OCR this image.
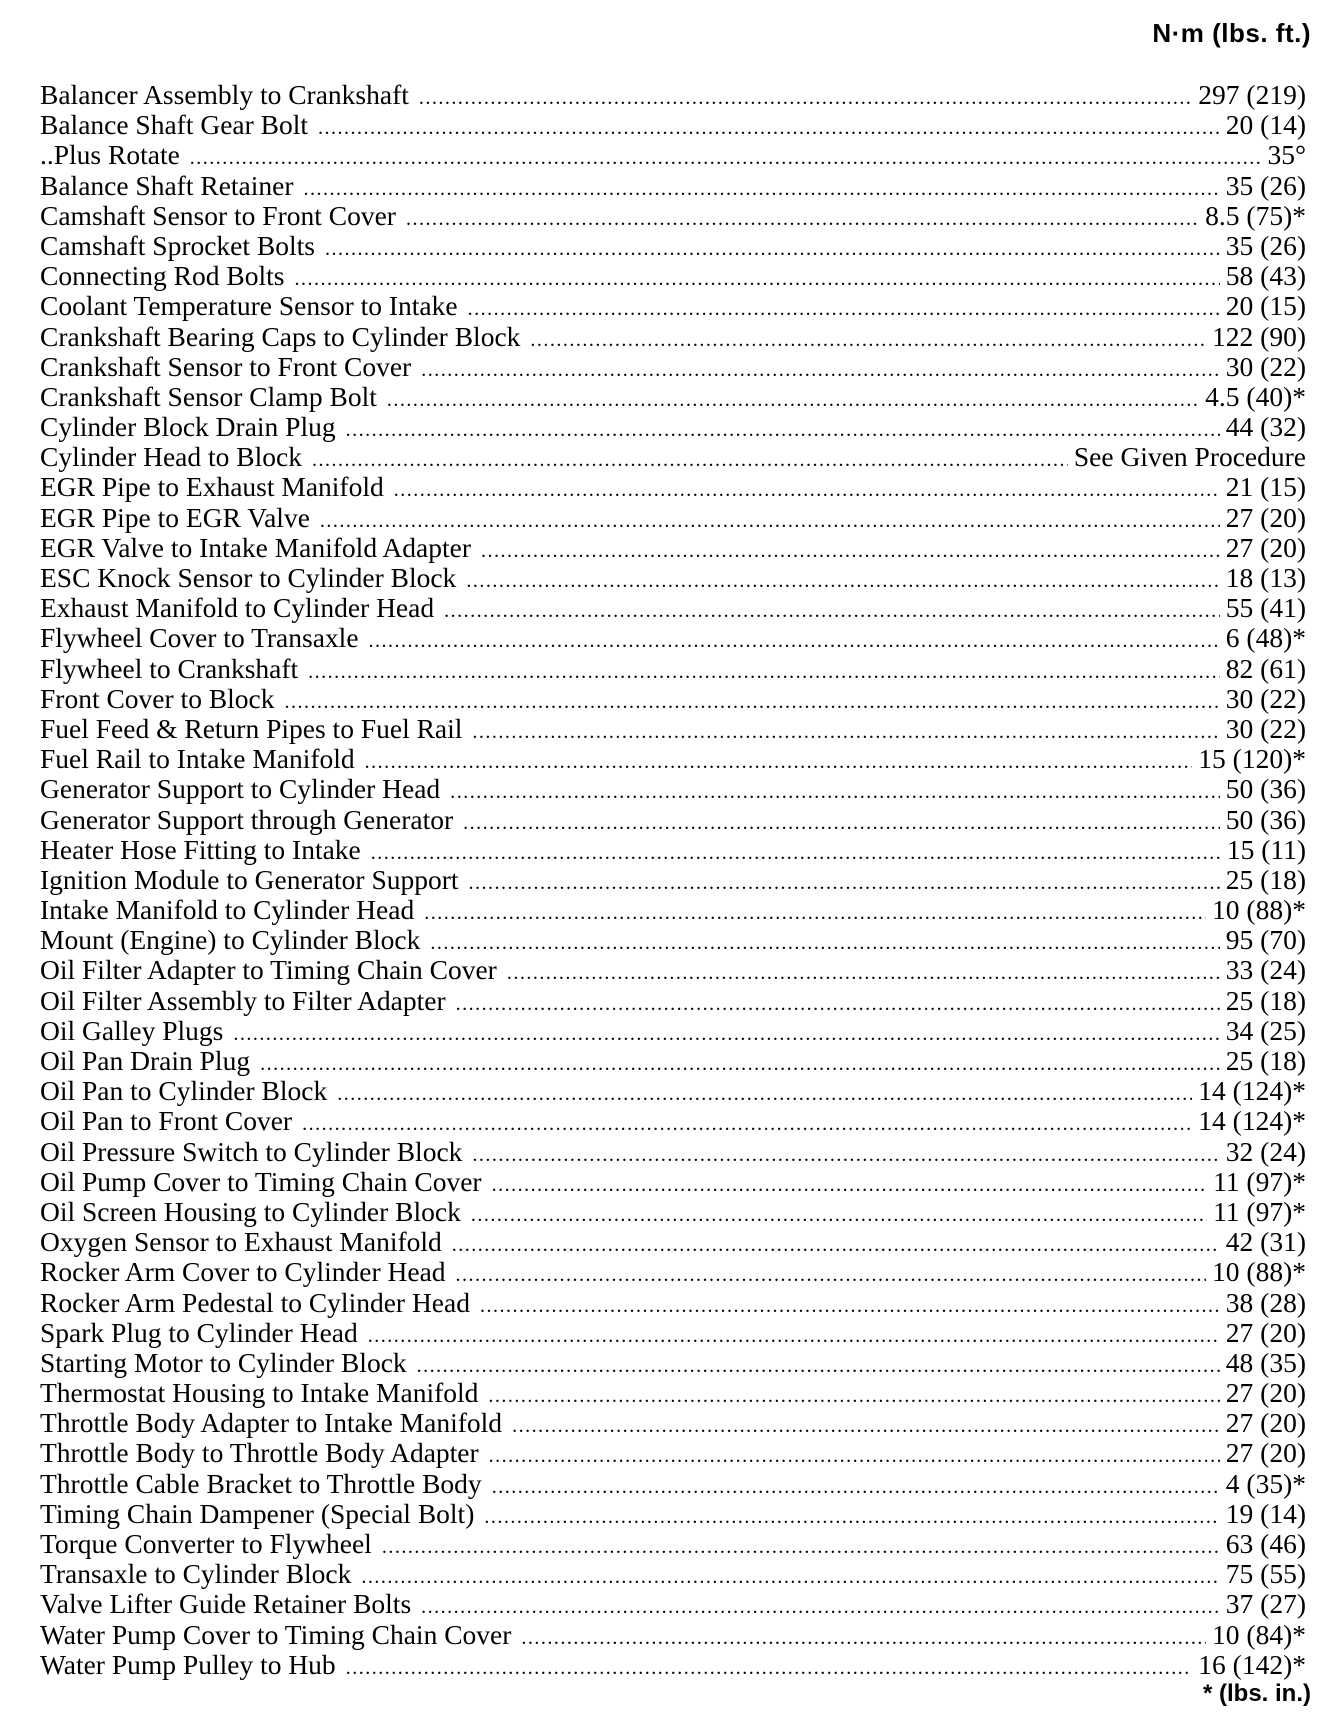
N·m (lbs. ft.)
Balancer Assembly to Crankshaft .....	297 (219)
Balance Shaft Gear Bolt .....	20 (14)
..Plus Rotate .....	35°
Balance Shaft Retainer .....	35 (26)
Camshaft Sensor to Front Cover .....	8.5 (75)*
Camshaft Sprocket Bolts .....	35 (26)
Connecting Rod Bolts .....	58 (43)
Coolant Temperature Sensor to Intake .....	20 (15)
Crankshaft Bearing Caps to Cylinder Block .....	122 (90)
Crankshaft Sensor to Front Cover .....	30 (22)
Crankshaft Sensor Clamp Bolt .....	4.5 (40)*
Cylinder Block Drain Plug .....	44 (32)
Cylinder Head to Block .....	See Given Procedure
EGR Pipe to Exhaust Manifold .....	21 (15)
EGR Pipe to EGR Valve .....	27 (20)
EGR Valve to Intake Manifold Adapter .....	27 (20)
ESC Knock Sensor to Cylinder Block .....	18 (13)
Exhaust Manifold to Cylinder Head .....	55 (41)
Flywheel Cover to Transaxle .....	6 (48)*
Flywheel to Crankshaft .....	82 (61)
Front Cover to Block .....	30 (22)
Fuel Feed & Return Pipes to Fuel Rail .....	30 (22)
Fuel Rail to Intake Manifold .....	15 (120)*
Generator Support to Cylinder Head .....	50 (36)
Generator Support through Generator .....	50 (36)
Heater Hose Fitting to Intake .....	15 (11)
Ignition Module to Generator Support .....	25 (18)
Intake Manifold to Cylinder Head .....	10 (88)*
Mount (Engine) to Cylinder Block .....	95 (70)
Oil Filter Adapter to Timing Chain Cover .....	33 (24)
Oil Filter Assembly to Filter Adapter .....	25 (18)
Oil Galley Plugs .....	34 (25)
Oil Pan Drain Plug .....	25 (18)
Oil Pan to Cylinder Block .....	14 (124)*
Oil Pan to Front Cover .....	14 (124)*
Oil Pressure Switch to Cylinder Block .....	32 (24)
Oil Pump Cover to Timing Chain Cover .....	11 (97)*
Oil Screen Housing to Cylinder Block .....	11 (97)*
Oxygen Sensor to Exhaust Manifold .....	42 (31)
Rocker Arm Cover to Cylinder Head .....	10 (88)*
Rocker Arm Pedestal to Cylinder Head .....	38 (28)
Spark Plug to Cylinder Head .....	27 (20)
Starting Motor to Cylinder Block .....	48 (35)
Thermostat Housing to Intake Manifold .....	27 (20)
Throttle Body Adapter to Intake Manifold .....	27 (20)
Throttle Body to Throttle Body Adapter .....	27 (20)
Throttle Cable Bracket to Throttle Body .....	4 (35)*
Timing Chain Dampener (Special Bolt) .....	19 (14)
Torque Converter to Flywheel .....	63 (46)
Transaxle to Cylinder Block .....	75 (55)
Valve Lifter Guide Retainer Bolts .....	37 (27)
Water Pump Cover to Timing Chain Cover .....	10 (84)*
Water Pump Pulley to Hub .....	16 (142)*
* (lbs. in.)
